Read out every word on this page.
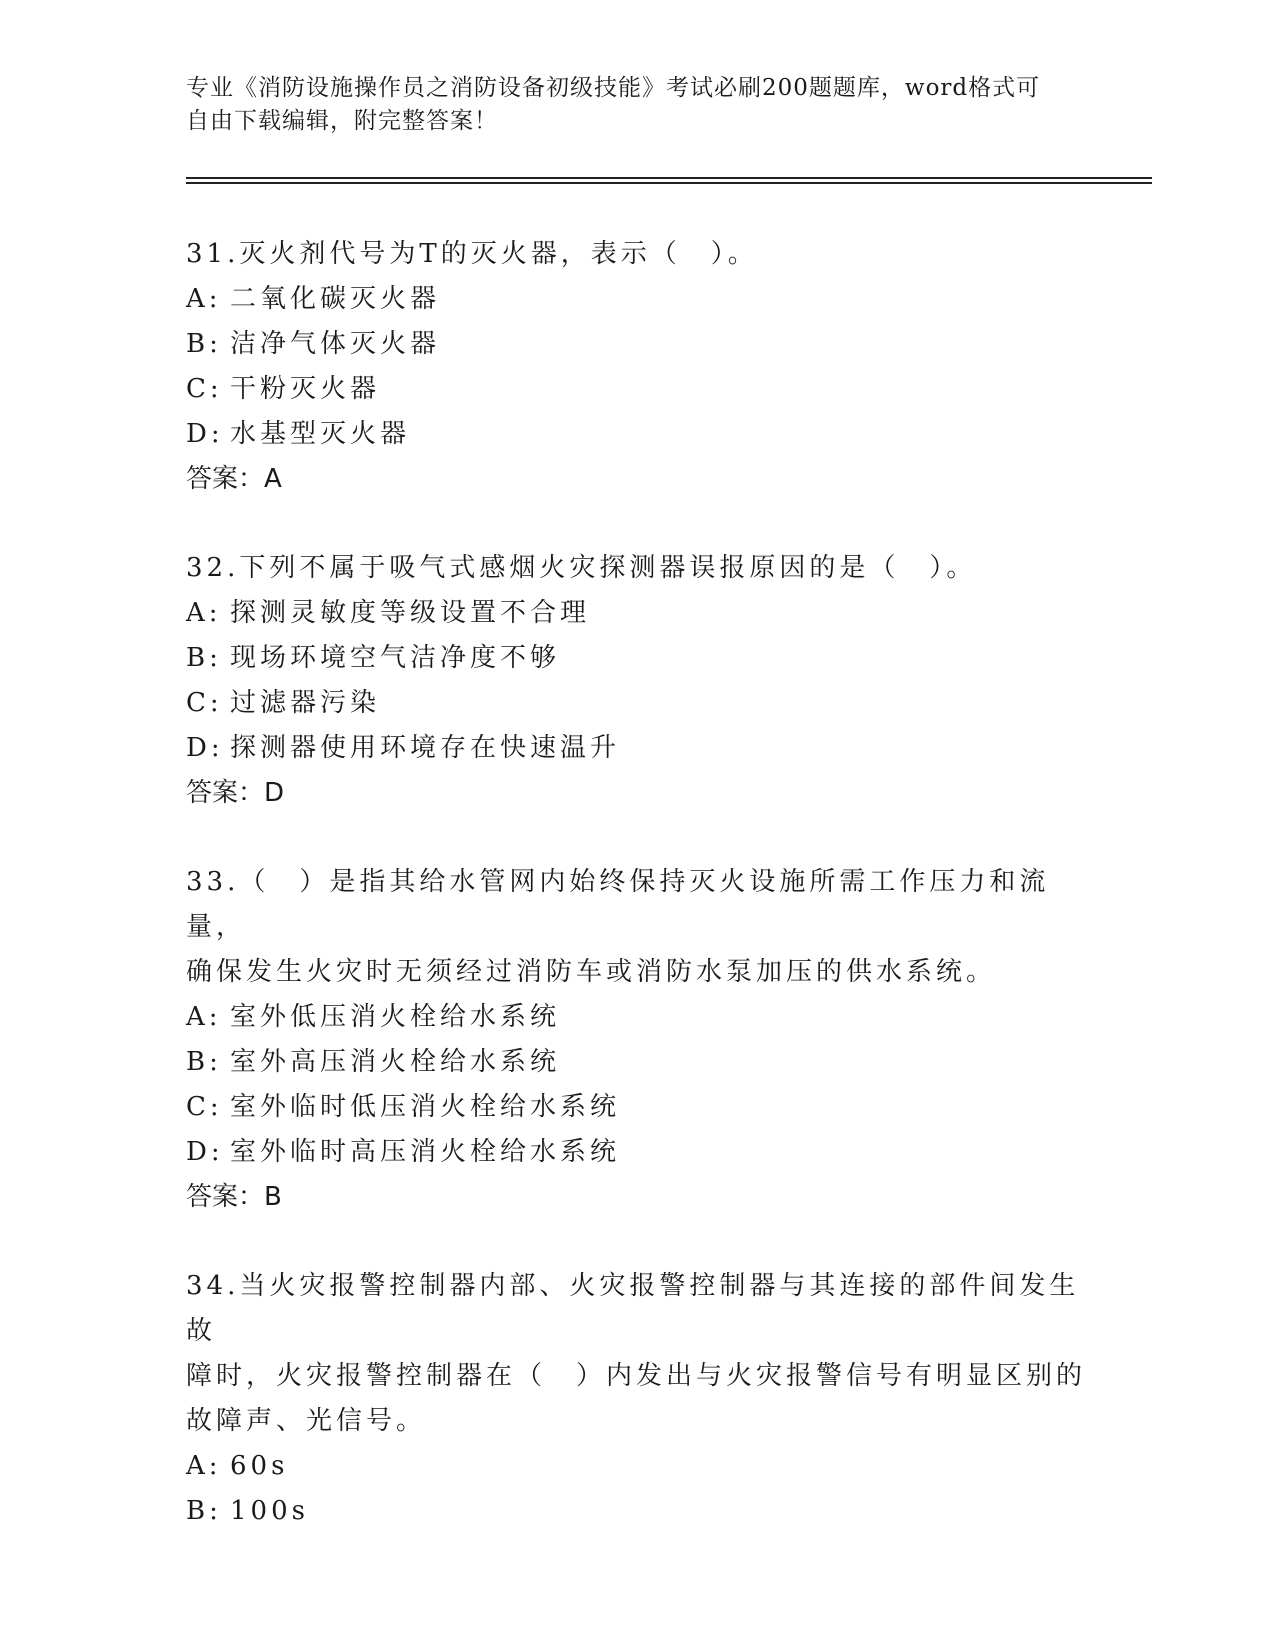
专业《消防设施操作员之消防设备初级技能》考试必刷200题题库，word格式可
自由下载编辑，附完整答案！
31.灭火剂代号为T的灭火器，表示（　）。
A: 二氧化碳灭火器
B: 洁净气体灭火器
C: 干粉灭火器
D: 水基型灭火器
答案：A
32.下列不属于吸气式感烟火灾探测器误报原因的是（　）。
A: 探测灵敏度等级设置不合理
B: 现场环境空气洁净度不够
C: 过滤器污染
D: 探测器使用环境存在快速温升
答案：D
33.（　）是指其给水管网内始终保持灭火设施所需工作压力和流量，
确保发生火灾时无须经过消防车或消防水泵加压的供水系统。
A: 室外低压消火栓给水系统
B: 室外高压消火栓给水系统
C: 室外临时低压消火栓给水系统
D: 室外临时高压消火栓给水系统
答案：B
34.当火灾报警控制器内部、火灾报警控制器与其连接的部件间发生故
障时，火灾报警控制器在（　）内发出与火灾报警信号有明显区别的
故障声、光信号。
A: 60s
B: 100s
